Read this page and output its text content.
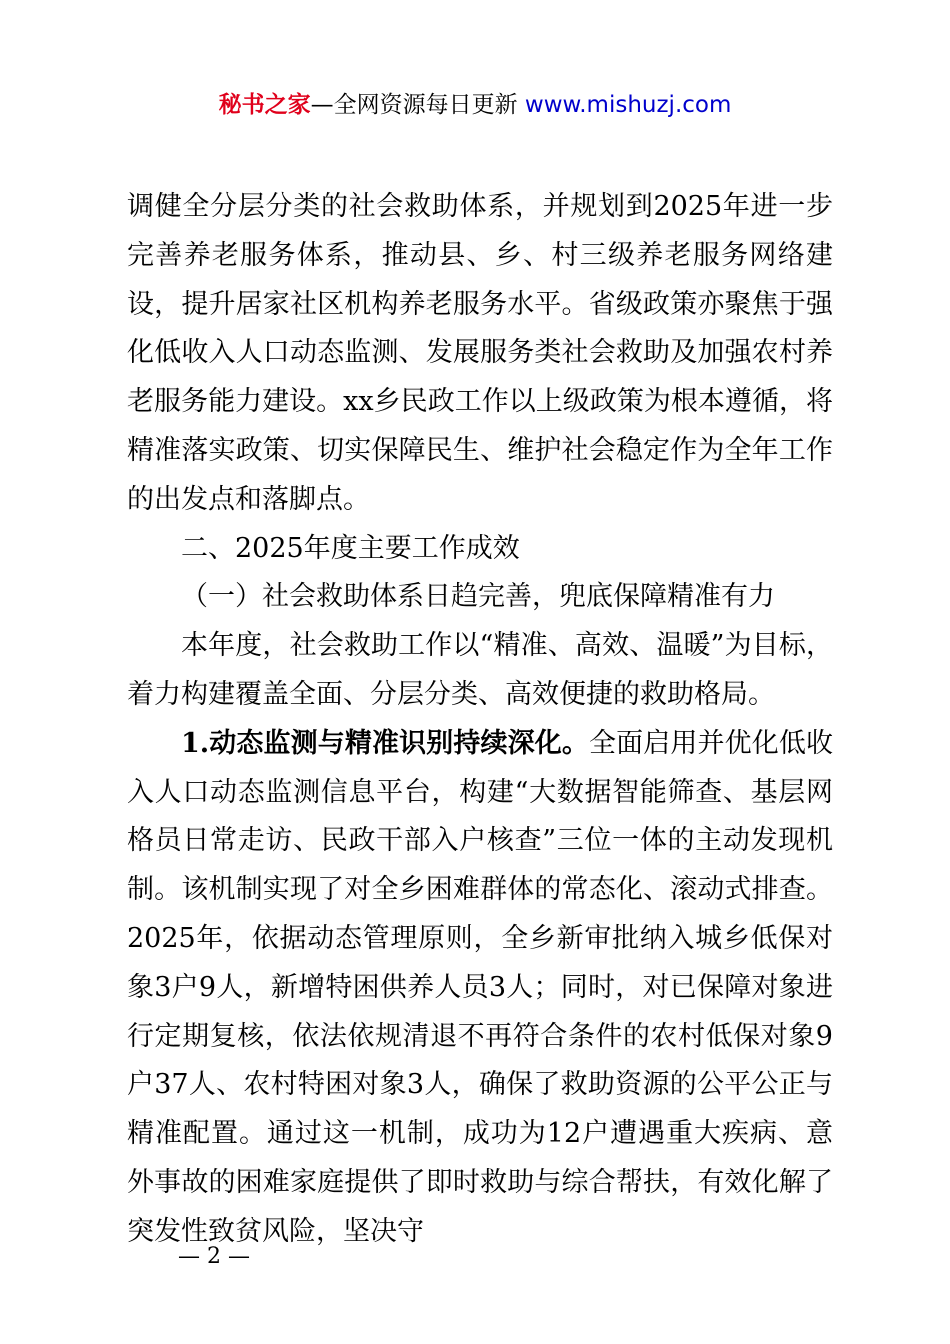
秘书之家—全网资源每日更新 www.mishuzj.com

调健全分层分类的社会救助体系，并规划到2025年进一步完善养老服务体系，推动县、乡、村三级养老服务网络建设，提升居家社区机构养老服务水平。省级政策亦聚焦于强化低收入人口动态监测、发展服务类社会救助及加强农村养老服务能力建设。xx乡民政工作以上级政策为根本遵循，将精准落实政策、切实保障民生、维护社会稳定作为全年工作的出发点和落脚点。

二、2025年度主要工作成效

（一）社会救助体系日趋完善，兜底保障精准有力

本年度，社会救助工作以“精准、高效、温暖”为目标，着力构建覆盖全面、分层分类、高效便捷的救助格局。

1.动态监测与精准识别持续深化。全面启用并优化低收入人口动态监测信息平台，构建“大数据智能筛查、基层网格员日常走访、民政干部入户核查”三位一体的主动发现机制。该机制实现了对全乡困难群体的常态化、滚动式排查。2025年，依据动态管理原则，全乡新审批纳入城乡低保对象3户9人，新增特困供养人员3人；同时，对已保障对象进行定期复核，依法依规清退不再符合条件的农村低保对象9户37人、农村特困对象3人，确保了救助资源的公平公正与精准配置。通过这一机制，成功为12户遭遇重大疾病、意外事故的困难家庭提供了即时救助与综合帮扶，有效化解了突发性致贫风险，坚决守

— 2 —
